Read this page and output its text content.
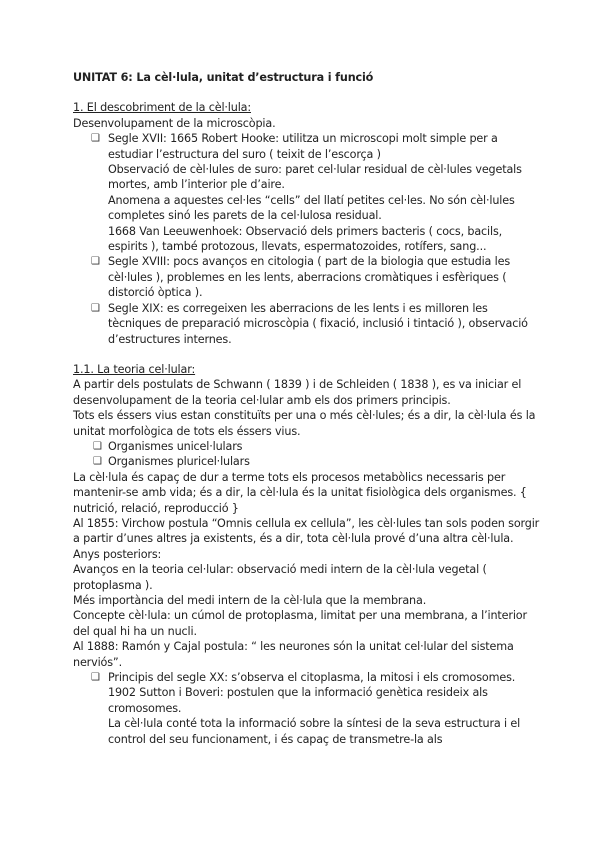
UNITAT 6: La cèl·lula, unitat d’estructura i funció
1. El descobriment de la cèl·lula:

Desenvolupament de la microscòpia.

❑ Segle XVII: 1665 Robert Hooke: utilitza un microscopi molt simple per a estudiar l’estructura del suro ( teixit de l’escorça )
Observació de cèl·lules de suro: paret cel·lular residual de cèl·lules vegetals mortes, amb l’interior ple d’aire.
Anomena a aquestes cel·les “cells” del llatí petites cel·les. No són cèl·lules completes sinó les parets de la cel·lulosa residual.
1668 Van Leeuwenhoek: Observació dels primers bacteris ( cocs, bacils, espirits ), també protozous, llevats, espermatozoides, rotífers, sang...
❑ Segle XVIII: pocs avanços en citologia ( part de la biologia que estudia les cèl·lules ), problemes en les lents, aberracions cromàtiques i esfèriques ( distorció òptica ).
❑ Segle XIX: es corregeixen les aberracions de les lents i es milloren les tècniques de preparació microscòpia ( fixació, inclusió i tintació ), observació d’estructures internes.
1.1. La teoria cel·lular:

A partir dels postulats de Schwann ( 1839 ) i de Schleiden ( 1838 ), es va iniciar el desenvolupament de la teoria cel·lular amb els dos primers principis.

Tots els éssers vius estan constituïts per una o més cèl·lules; és a dir, la cèl·lula és la unitat morfològica de tots els éssers vius.

❑ Organismes unicel·lulars
❑ Organismes pluricel·lulars

La cèl·lula és capaç de dur a terme tots els procesos metabòlics necessaris per mantenir-se amb vida; és a dir, la cèl·lula és la unitat fisiològica dels organismes. { nutrició, relació, reproducció }

Al 1855: Virchow postula “Omnis cellula ex cellula”, les cèl·lules tan sols poden sorgir a partir d’unes altres ja existents, és a dir, tota cèl·lula prové d’una altra cèl·lula.

Anys posteriors:

Avanços en la teoria cel·lular: observació medi intern de la cèl·lula vegetal ( protoplasma ).

Més importància del medi intern de la cèl·lula que la membrana.

Concepte cèl·lula: un cúmol de protoplasma, limitat per una membrana, a l’interior del qual hi ha un nucli.

Al 1888: Ramón y Cajal postula: “ les neurones són la unitat cel·lular del sistema nerviós”.

❑ Principis del segle XX: s’observa el citoplasma, la mitosi i els cromosomes.
1902 Sutton i Boveri: postulen que la informació genètica resideix als cromosomes.
La cèl·lula conté tota la informació sobre la síntesi de la seva estructura i el control del seu funcionament, i és capaç de transmetre-la als
